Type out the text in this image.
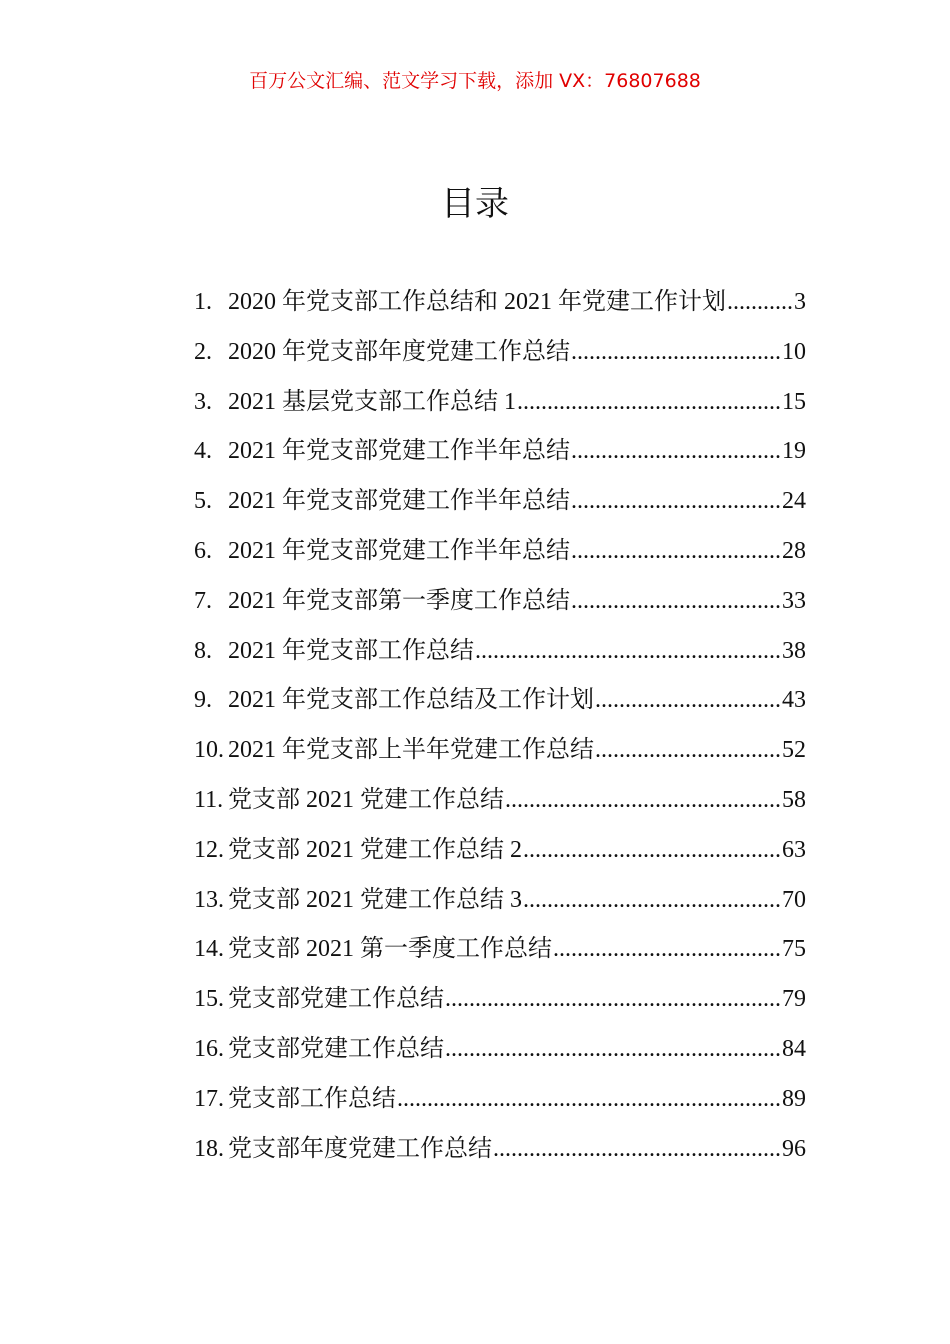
百万公文汇编、范文学习下载，添加 VX：76807688
目录
1. 2020 年党支部工作总结和 2021 年党建工作计划 .....	3
2. 2020 年党支部年度党建工作总结 .....	10
3. 2021 基层党支部工作总结 1 .....	15
4. 2021 年党支部党建工作半年总结 .....	19
5. 2021 年党支部党建工作半年总结 .....	24
6. 2021 年党支部党建工作半年总结 .....	28
7. 2021 年党支部第一季度工作总结 .....	33
8. 2021 年党支部工作总结 .....	38
9. 2021 年党支部工作总结及工作计划 .....	43
10. 2021 年党支部上半年党建工作总结 .....	52
11. 党支部 2021 党建工作总结 .....	58
12. 党支部 2021 党建工作总结 2 .....	63
13. 党支部 2021 党建工作总结 3 .....	70
14. 党支部 2021 第一季度工作总结 .....	75
15. 党支部党建工作总结 .....	79
16. 党支部党建工作总结 .....	84
17. 党支部工作总结 .....	89
18. 党支部年度党建工作总结 .....	96
